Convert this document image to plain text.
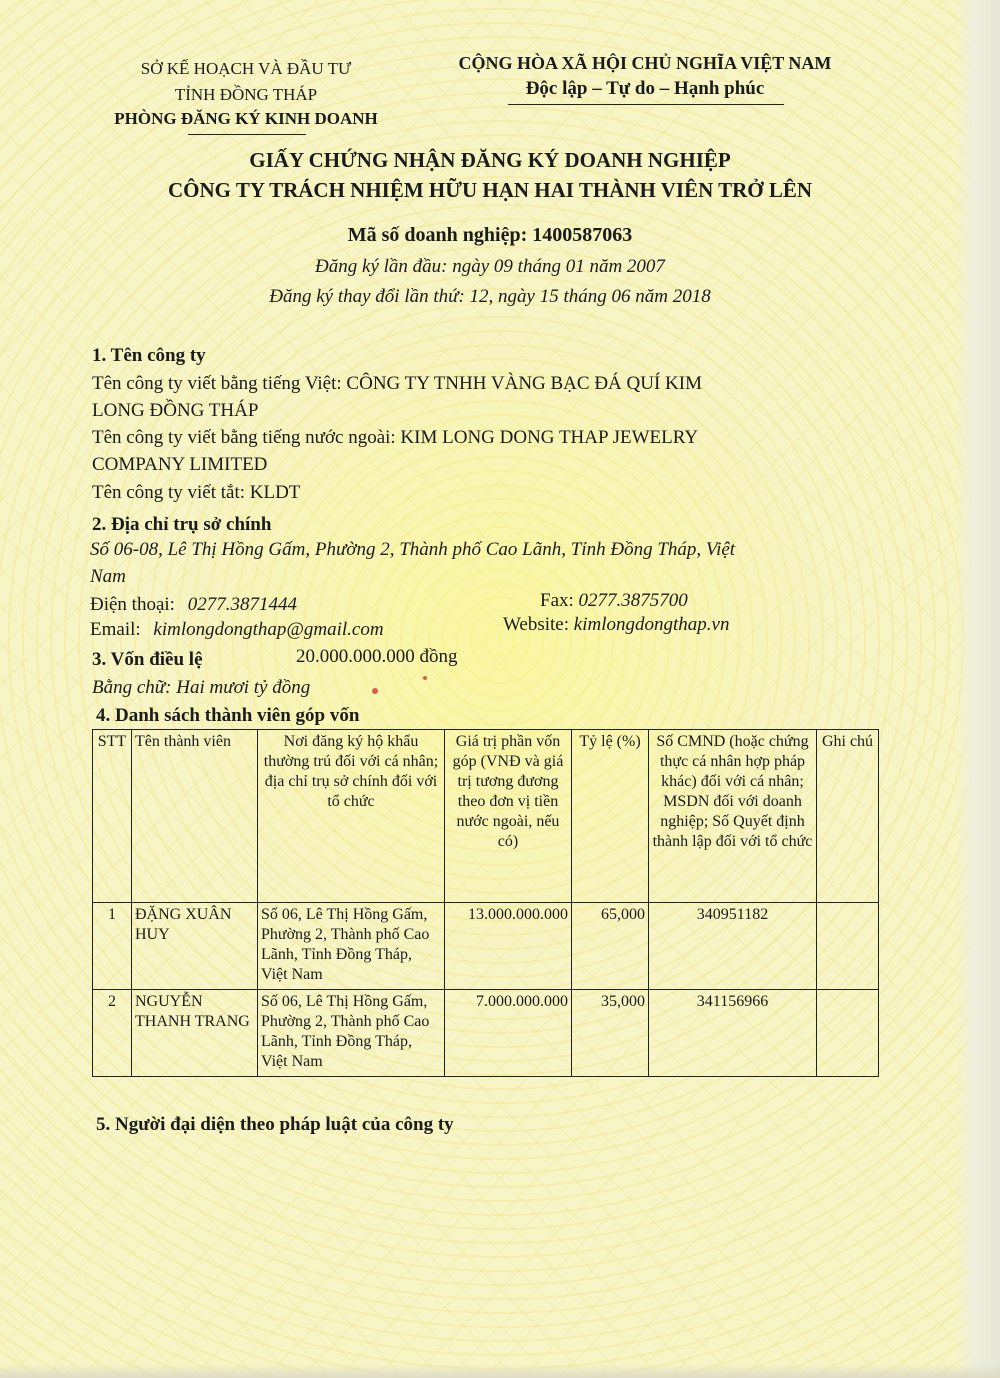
SỞ KẾ HOẠCH VÀ ĐẦU TƯ
TỈNH ĐỒNG THÁP
PHÒNG ĐĂNG KÝ KINH DOANH
CỘNG HÒA XÃ HỘI CHỦ NGHĨA VIỆT NAM
Độc lập – Tự do – Hạnh phúc
GIẤY CHỨNG NHẬN ĐĂNG KÝ DOANH NGHIỆP
CÔNG TY TRÁCH NHIỆM HỮU HẠN HAI THÀNH VIÊN TRỞ LÊN
Mã số doanh nghiệp: 1400587063
Đăng ký lần đầu: ngày 09 tháng 01 năm 2007
Đăng ký thay đổi lần thứ: 12, ngày 15 tháng 06 năm 2018
1. Tên công ty
Tên công ty viết bằng tiếng Việt: CÔNG TY TNHH VÀNG BẠC ĐÁ QUÍ KIM
LONG ĐỒNG THÁP
Tên công ty viết bằng tiếng nước ngoài: KIM LONG DONG THAP JEWELRY
COMPANY LIMITED
Tên công ty viết tắt: KLDT
2. Địa chỉ trụ sở chính
Số 06-08, Lê Thị Hồng Gấm, Phường 2, Thành phố Cao Lãnh, Tỉnh Đồng Tháp, Việt
Nam
Điện thoại: 0277.3871444	Fax: 0277.3875700
Email: kimlongdongthap@gmail.com	Website: kimlongdongthap.vn
3. Vốn điều lệ	20.000.000.000 đồng
Bằng chữ: Hai mươi tỷ đồng
4. Danh sách thành viên góp vốn
STT	Tên thành viên	Nơi đăng ký hộ khẩu thường trú đối với cá nhân; địa chỉ trụ sở chính đối với tổ chức	Giá trị phần vốn góp (VNĐ và giá trị tương đương theo đơn vị tiền nước ngoài, nếu có)	Tỷ lệ (%)	Số CMND (hoặc chứng thực cá nhân hợp pháp khác) đối với cá nhân; MSDN đối với doanh nghiệp; Số Quyết định thành lập đối với tổ chức	Ghi chú
1	ĐẶNG XUÂN HUY	Số 06, Lê Thị Hồng Gấm, Phường 2, Thành phố Cao Lãnh, Tỉnh Đồng Tháp, Việt Nam	13.000.000.000	65,000	340951182	
2	NGUYỄN THANH TRANG	Số 06, Lê Thị Hồng Gấm, Phường 2, Thành phố Cao Lãnh, Tỉnh Đồng Tháp, Việt Nam	7.000.000.000	35,000	341156966	
5. Người đại diện theo pháp luật của công ty
